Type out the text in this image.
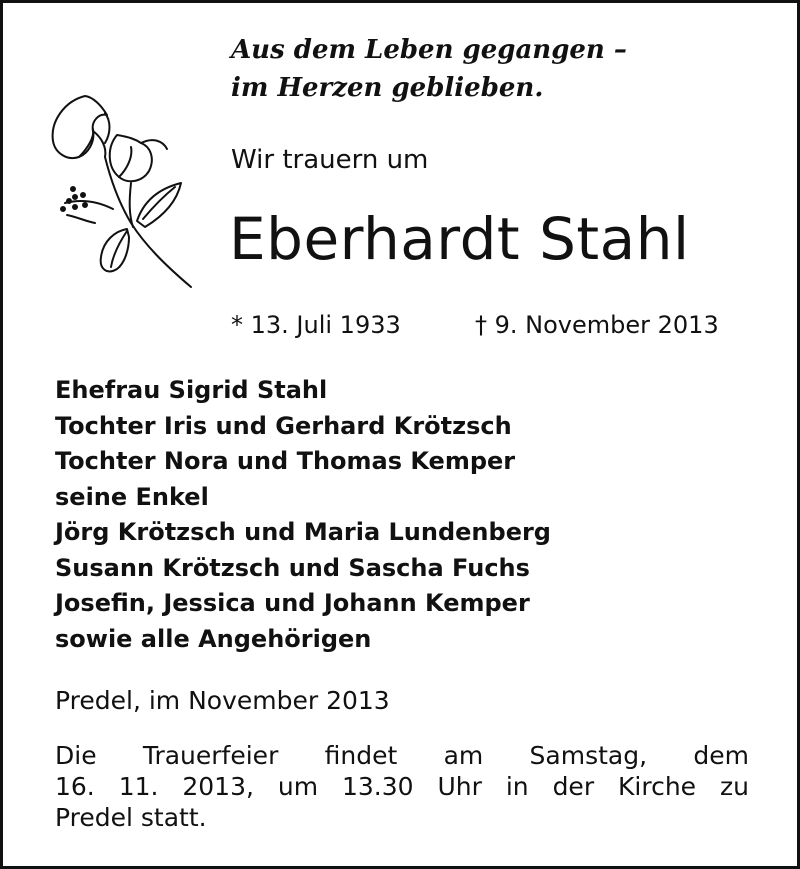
Aus dem Leben gegangen –
im Herzen geblieben.
Wir trauern um
Eberhardt Stahl
* 13. Juli 1933	† 9. November 2013
Ehefrau Sigrid Stahl
Tochter Iris und Gerhard Krötzsch
Tochter Nora und Thomas Kemper
seine Enkel
Jörg Krötzsch und Maria Lundenberg
Susann Krötzsch und Sascha Fuchs
Josefin, Jessica und Johann Kemper
sowie alle Angehörigen
Predel, im November 2013
Die Trauerfeier findet am Samstag, dem
16. 11. 2013, um 13.30 Uhr in der Kirche zu
Predel statt.
